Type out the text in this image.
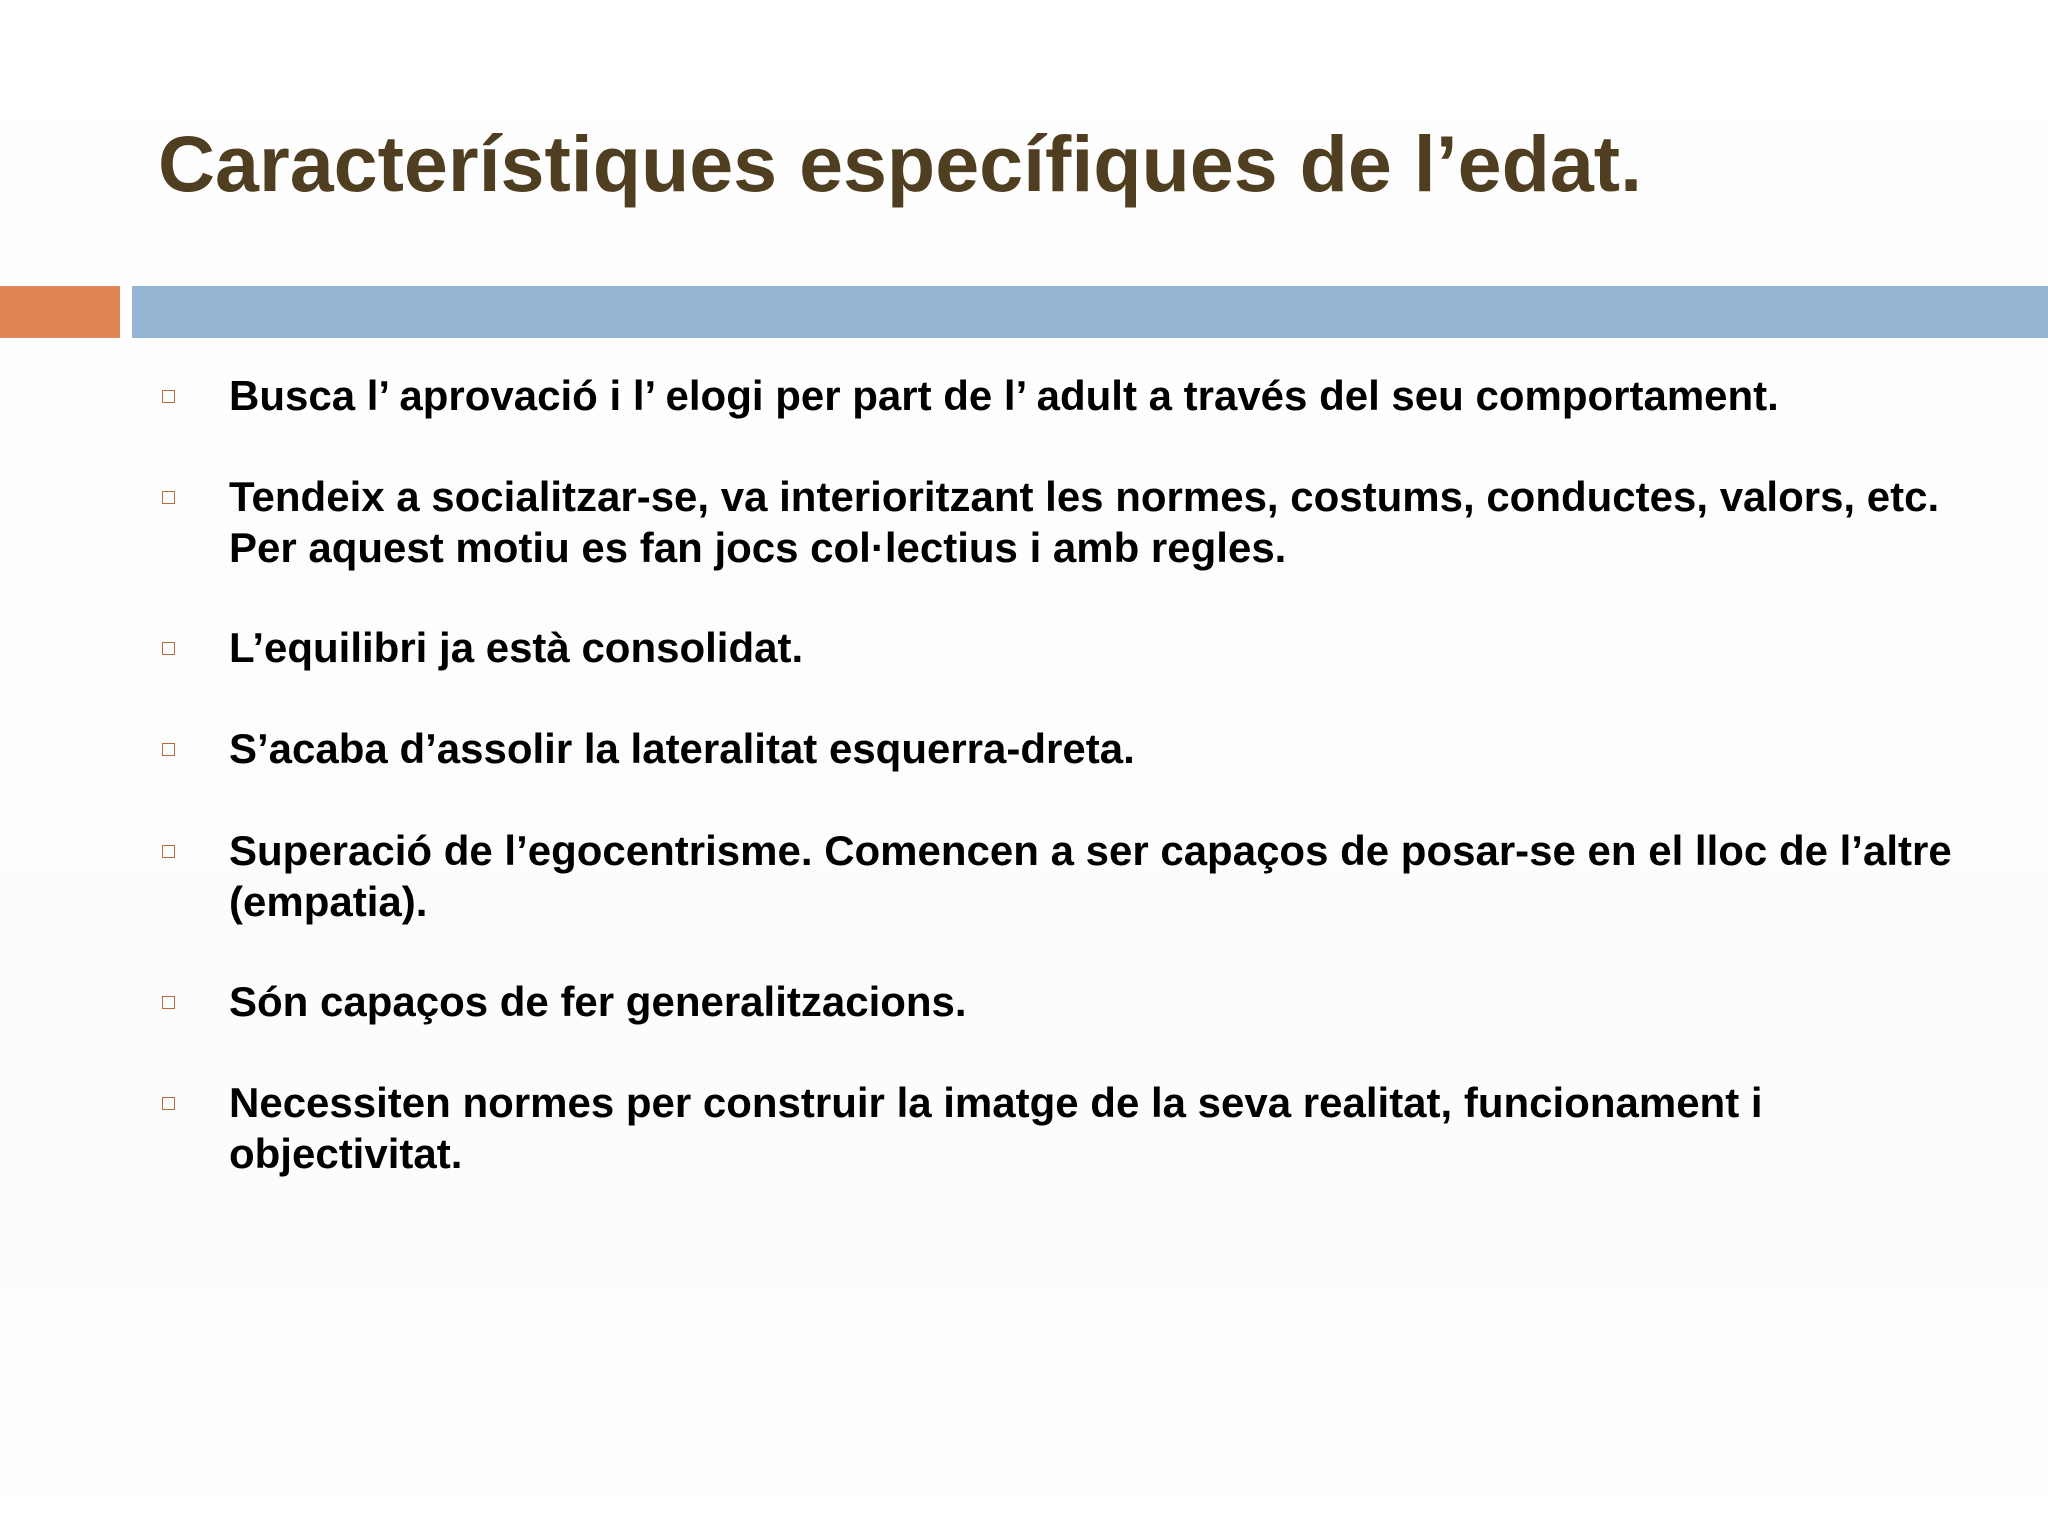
Característiques específiques de l’edat.
Busca l’ aprovació i l’ elogi per part de l’ adult a través del seu comportament.
Tendeix a socialitzar-se, va interioritzant les normes, costums, conductes, valors, etc. Per aquest motiu es fan jocs col·lectius i amb regles.
L’equilibri ja està consolidat.
S’acaba d’assolir la lateralitat esquerra-dreta.
Superació de l’egocentrisme. Comencen a ser capaços de posar-se en el lloc de l’altre (empatia).
Són capaços de fer generalitzacions.
Necessiten normes per construir la imatge de la seva realitat, funcionament i objectivitat.
